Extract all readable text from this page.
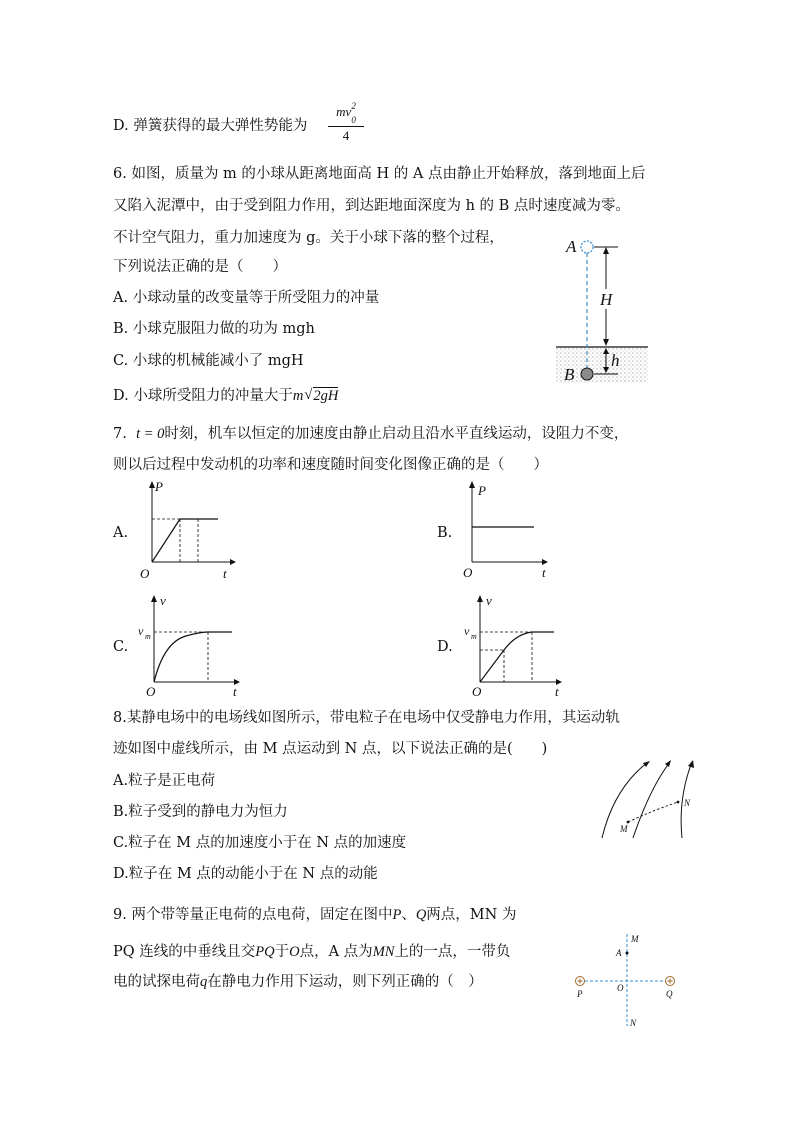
D. 弹簧获得的最大弹性势能为
mv 2
$_0$
4
6. 如图，质量为 m 的小球从距离地面高 H 的 A 点由静止开始释放，落到地面上后
又陷入泥潭中，由于受到阻力作用，到达距地面深度为 h 的 B 点时速度减为零。
不计空气阻力，重力加速度为 g。关于小球下落的整个过程，
下列说法正确的是（　　）
A. 小球动量的改变量等于所受阻力的冲量
B. 小球克服阻力做的功为 mgh
C. 小球的机械能减小了 mgH
D. 小球所受阻力的冲量大于m √ 2gH
H
h
A
B
7. t = 0时刻，机车以恒定的加速度由静止启动且沿水平直线运动，设阻力不变，
则以后过程中发动机的功率和速度随时间变化图像正确的是（　　）
A.	B.
C.	D.
P
O	t
P
O	t
v
v m
O	t
v
v m
O	t
8.某静电场中的电场线如图所示，带电粒子在电场中仅受静电力作用，其运动轨
迹如图中虚线所示，由 M 点运动到 N 点，以下说法正确的是(　　)
A.粒子是正电荷
B.粒子受到的静电力为恒力
C.粒子在 M 点的加速度小于在 N 点的加速度
D.粒子在 M 点的动能小于在 N 点的动能
M
N
9. 两个带等量正电荷的点电荷，固定在图中P、Q两点，MN 为
PQ 连线的中垂线且交PQ于O点，A 点为MN上的一点，一带负
电的试探电荷q在静电力作用下运动，则下列正确的（　）
M
A
P
O
Q
N
